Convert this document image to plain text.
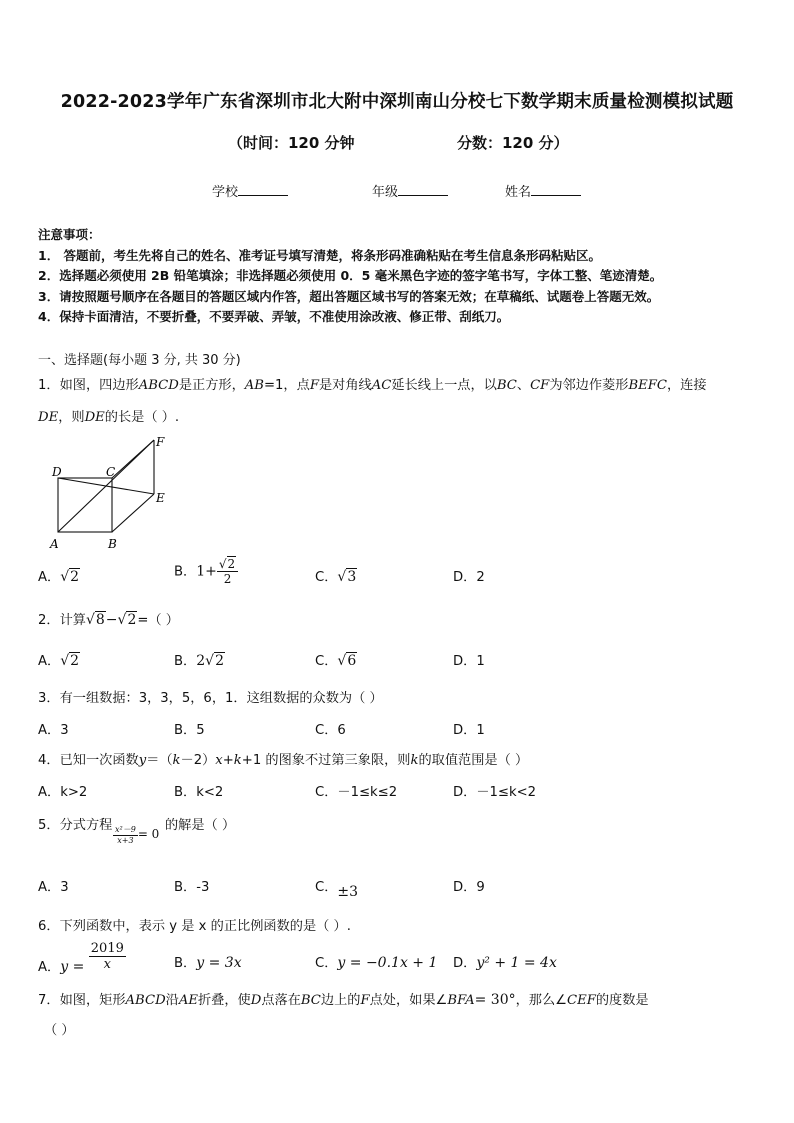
2022-2023学年广东省深圳市北大附中深圳南山分校七下数学期末质量检测模拟试题
（时间：120 分钟	分数：120 分）
学校	年级	姓名
注意事项：
1． 答题前，考生先将自己的姓名、准考证号填写清楚，将条形码准确粘贴在考生信息条形码粘贴区。
2．选择题必须使用 2B 铅笔填涂；非选择题必须使用 0．5 毫米黑色字迹的签字笔书写，字体工整、笔迹清楚。
3．请按照题号顺序在各题目的答题区域内作答，超出答题区域书写的答案无效；在草稿纸、试题卷上答题无效。
4．保持卡面清洁，不要折叠，不要弄破、弄皱，不准使用涂改液、修正带、刮纸刀。
一、选择题(每小题 3 分, 共 30 分)
1．如图，四边形ABCD是正方形，AB=1，点F是对角线AC延长线上一点，以BC、CF为邻边作菱形BEFC，连接
DE，则DE的长是（ ）.
A	B
C
D
E
F
A．√2	B．$1+ \frac{√2}{2}$	C．√3	D．2
2．计算√8−√2=（ ）
A．√2	B．2√2	C．√6	D．1
3．有一组数据：3，3，5，6，1．这组数据的众数为（ ）
A．3	B．5	C．6	D．1
4．已知一次函数y＝（k－2）x+k+1 的图象不过第三象限，则k的取值范围是（ ）
A．k>2	B．k<2	C．－1≤k≤2	D．－1≤k<2
5．分式方程
$\frac{\text{x²－9}}{x+3} = 0$
的解是（ ）
A．3	B．-3	C．±3	D．9
6．下列函数中，表示 y 是 x 的正比例函数的是（ ）.
A．$y = \frac{2019}{x}$	B．y = 3x	C．y = −0.1x + 1 D．y² + 1 = 4x
7．如图，矩形ABCD沿AE折叠，使D点落在BC边上的F点处，如果∠BFA= 30°，那么∠CEF的度数是
（ ）
